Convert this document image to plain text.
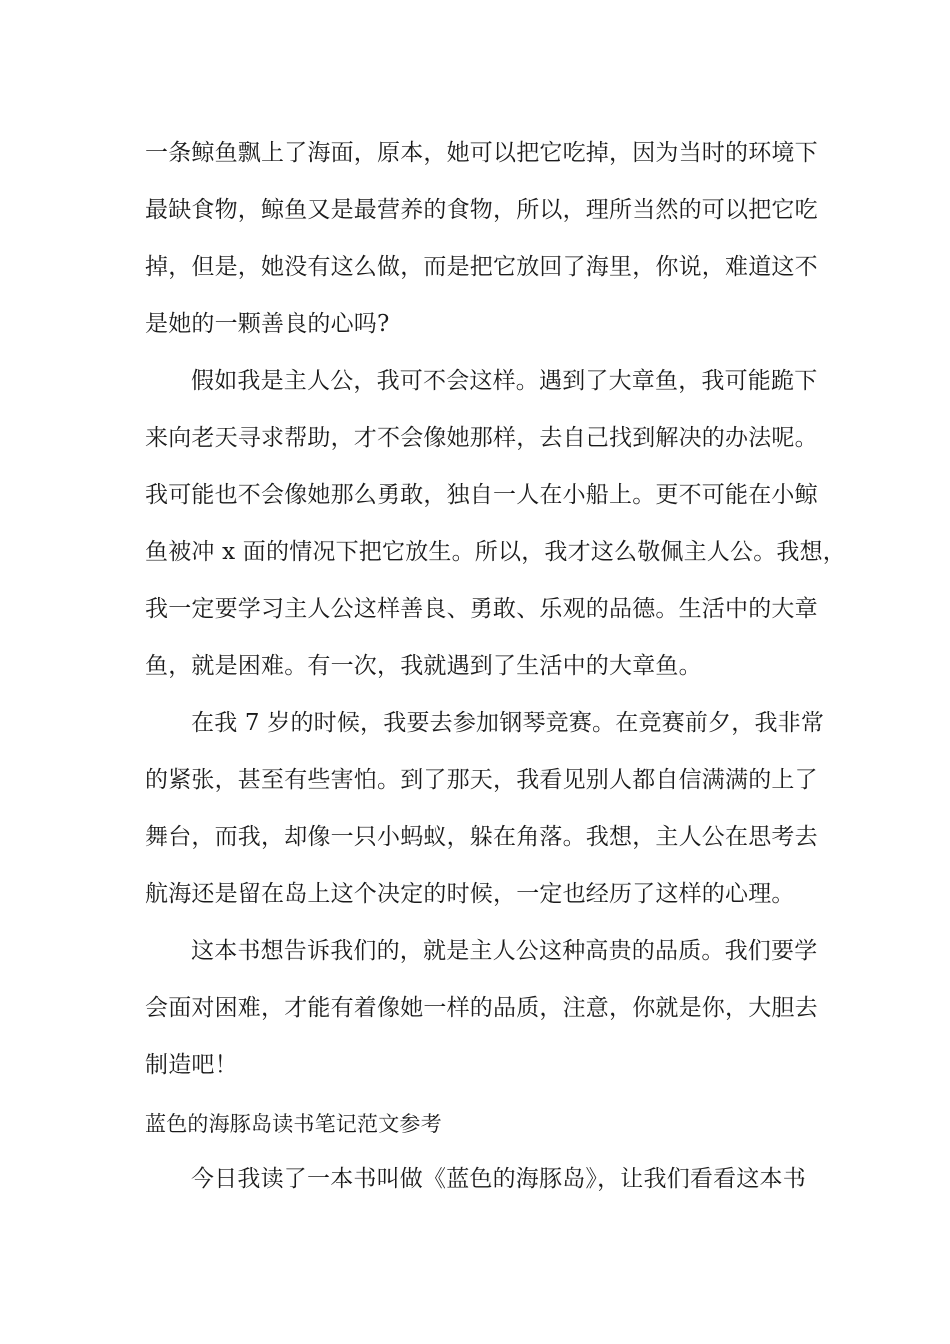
一条鲸鱼飘上了海面，原本，她可以把它吃掉，因为当时的环境下
最缺食物，鲸鱼又是最营养的食物，所以，理所当然的可以把它吃
掉，但是，她没有这么做，而是把它放回了海里，你说，难道这不
是她的一颗善良的心吗?
假如我是主人公，我可不会这样。遇到了大章鱼，我可能跪下
来向老天寻求帮助，才不会像她那样，去自己找到解决的办法呢。
我可能也不会像她那么勇敢，独自一人在小船上。更不可能在小鲸
鱼被冲 x 面的情况下把它放生。所以，我才这么敬佩主人公。我想，
我一定要学习主人公这样善良、勇敢、乐观的品德。生活中的大章
鱼，就是困难。有一次，我就遇到了生活中的大章鱼。
在我 7 岁的时候，我要去参加钢琴竞赛。在竞赛前夕，我非常
的紧张，甚至有些害怕。到了那天，我看见别人都自信满满的上了
舞台，而我，却像一只小蚂蚁，躲在角落。我想，主人公在思考去
航海还是留在岛上这个决定的时候，一定也经历了这样的心理。
这本书想告诉我们的，就是主人公这种高贵的品质。我们要学
会面对困难，才能有着像她一样的品质，注意，你就是你，大胆去
制造吧！
蓝色的海豚岛读书笔记范文参考
今日我读了一本书叫做《蓝色的海豚岛》，让我们看看这本书
